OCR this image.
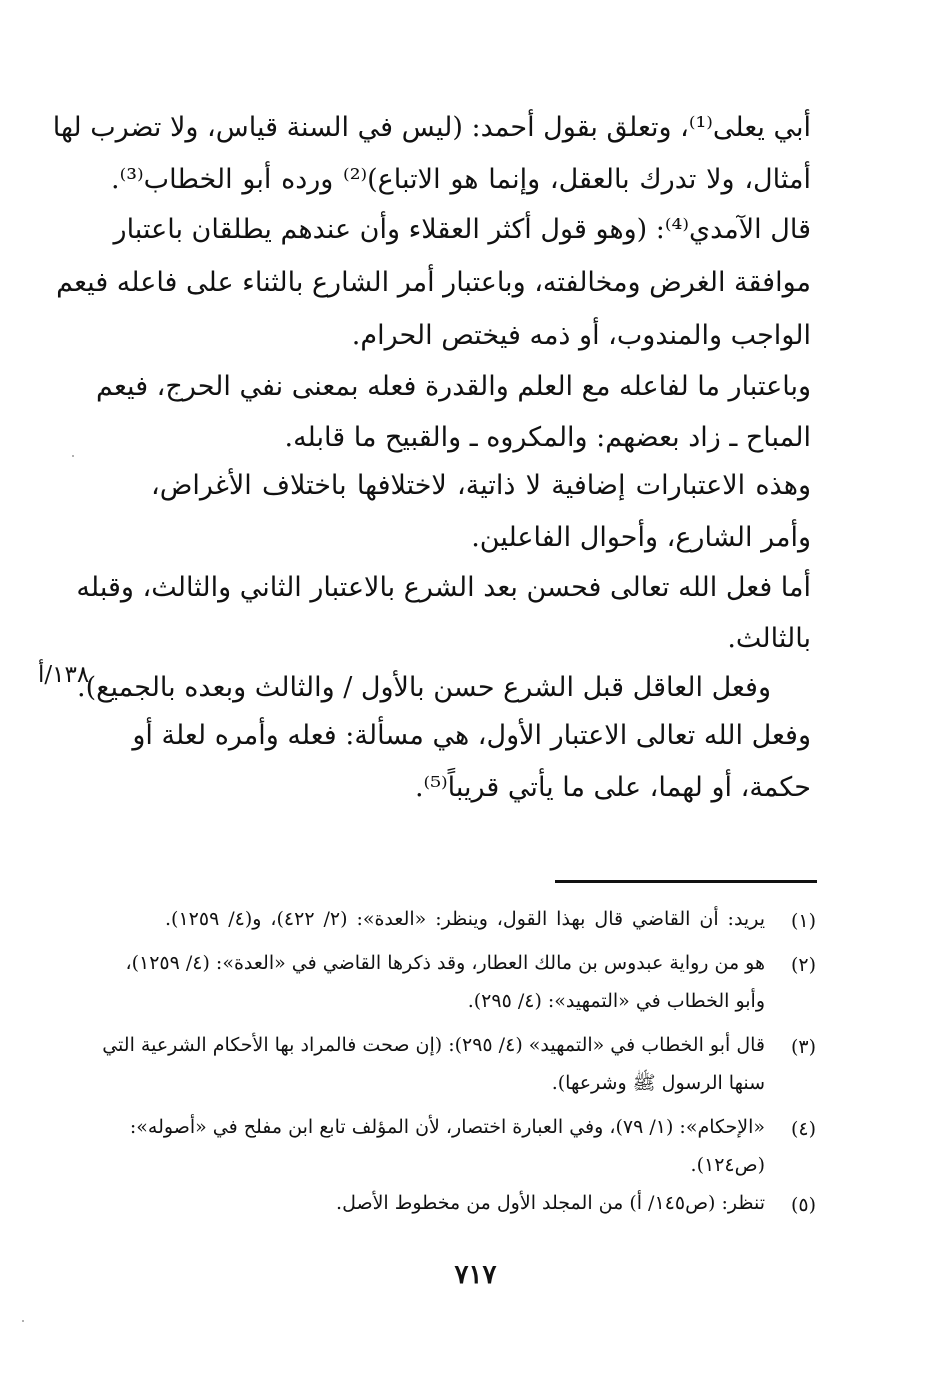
أبي يعلى⁽¹⁾، وتعلق بقول أحمد: (ليس في السنة قياس، ولا تضرب لها
أمثال، ولا تدرك بالعقل، وإنما هو الاتباع)⁽²⁾ ورده أبو الخطاب⁽³⁾.
قال الآمدي⁽⁴⁾: (وهو قول أكثر العقلاء وأن عندهم يطلقان باعتبار
موافقة الغرض ومخالفته، وباعتبار أمر الشارع بالثناء على فاعله فيعم
الواجب والمندوب، أو ذمه فيختص الحرام.
وباعتبار ما لفاعله مع العلم والقدرة فعله بمعنى نفي الحرج، فيعم
المباح ـ زاد بعضهم: والمكروه ـ والقبيح ما قابله.
وهذه الاعتبارات إضافية لا ذاتية، لاختلافها باختلاف الأغراض،
وأمر الشارع، وأحوال الفاعلين.
أما فعل الله تعالى فحسن بعد الشرع بالاعتبار الثاني والثالث، وقبله
بالثالث.
وفعل العاقل قبل الشرع حسن بالأول / والثالث وبعده بالجميع).
وفعل الله تعالى الاعتبار الأول، هي مسألة: فعله وأمره لعلة أو
حكمة، أو لهما، على ما يأتي قريباً⁽⁵⁾.
١٣٨/أ
(١)
يريد: أن القاضي قال بهذا القول، وينظر: «العدة»: (٢/ ٤٢٢)، و(٤/ ١٢٥٩).
(٢)
هو من رواية عبدوس بن مالك العطار، وقد ذكرها القاضي في «العدة»: (٤/ ١٢٥٩)،
وأبو الخطاب في «التمهيد»: (٤/ ٢٩٥).
(٣)
قال أبو الخطاب في «التمهيد» (٤/ ٢٩٥): (إن صحت فالمراد بها الأحكام الشرعية التي
سنها الرسول ﷺ وشرعها).
(٤)
«الإحكام»: (١/ ٧٩)، وفي العبارة اختصار، لأن المؤلف تابع ابن مفلح في «أصوله»:
(ص١٢٤).
(٥)
تنظر: (ص١٤٥/ أ) من المجلد الأول من مخطوط الأصل.
٧١٧
